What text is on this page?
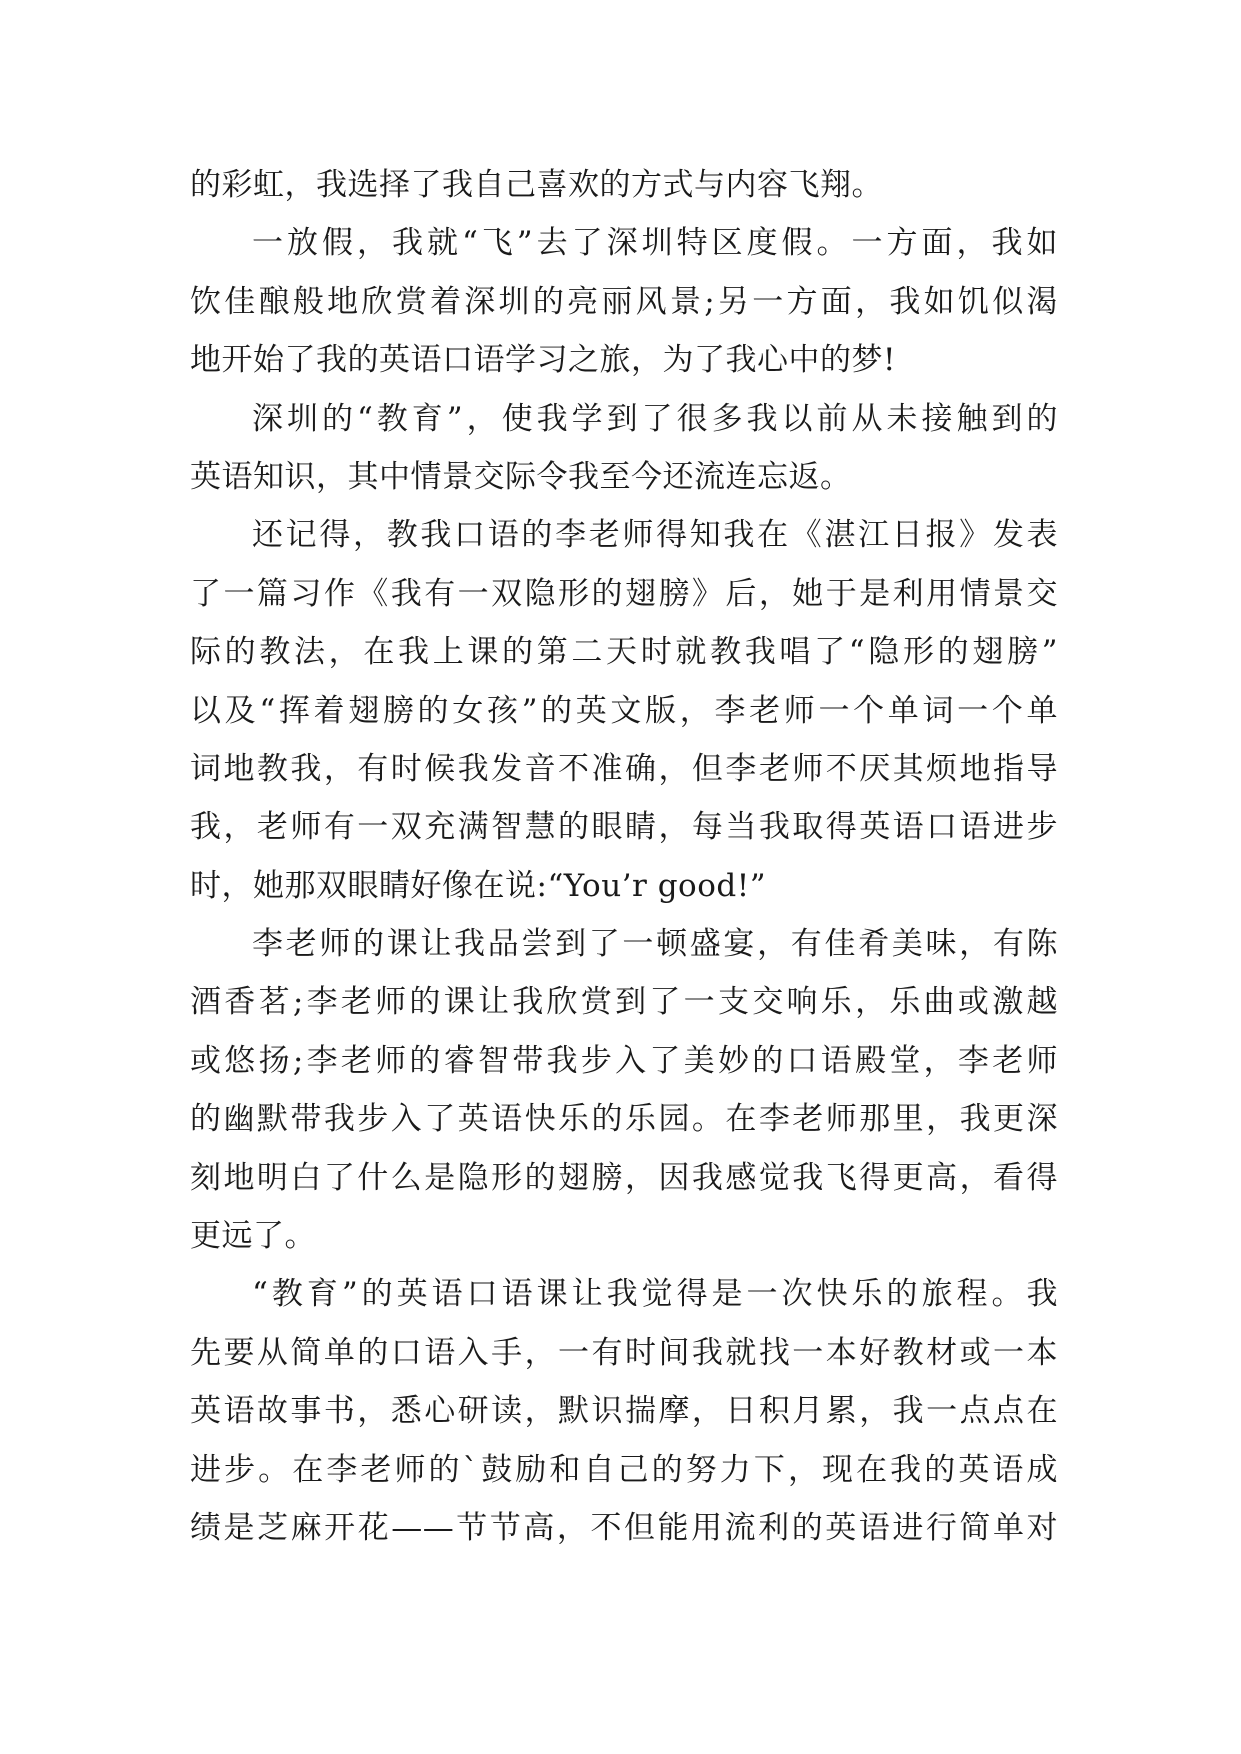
的彩虹，我选择了我自己喜欢的方式与内容飞翔。
一放假，我就“飞”去了深圳特区度假。一方面，我如
饮佳酿般地欣赏着深圳的亮丽风景;另一方面，我如饥似渴
地开始了我的英语口语学习之旅，为了我心中的梦!
深圳的“教育”，使我学到了很多我以前从未接触到的
英语知识，其中情景交际令我至今还流连忘返。
还记得，教我口语的李老师得知我在《湛江日报》发表
了一篇习作《我有一双隐形的翅膀》后，她于是利用情景交
际的教法，在我上课的第二天时就教我唱了“隐形的翅膀”
以及“挥着翅膀的女孩”的英文版，李老师一个单词一个单
词地教我，有时候我发音不准确，但李老师不厌其烦地指导
我，老师有一双充满智慧的眼睛，每当我取得英语口语进步
时，她那双眼睛好像在说:“You’r good!”
李老师的课让我品尝到了一顿盛宴，有佳肴美味，有陈
酒香茗;李老师的课让我欣赏到了一支交响乐，乐曲或激越
或悠扬;李老师的睿智带我步入了美妙的口语殿堂，李老师
的幽默带我步入了英语快乐的乐园。在李老师那里，我更深
刻地明白了什么是隐形的翅膀，因我感觉我飞得更高，看得
更远了。
“教育”的英语口语课让我觉得是一次快乐的旅程。我
先要从简单的口语入手，一有时间我就找一本好教材或一本
英语故事书，悉心研读，默识揣摩，日积月累，我一点点在
进步。在李老师的`鼓励和自己的努力下，现在我的英语成
绩是芝麻开花——节节高，不但能用流利的英语进行简单对
